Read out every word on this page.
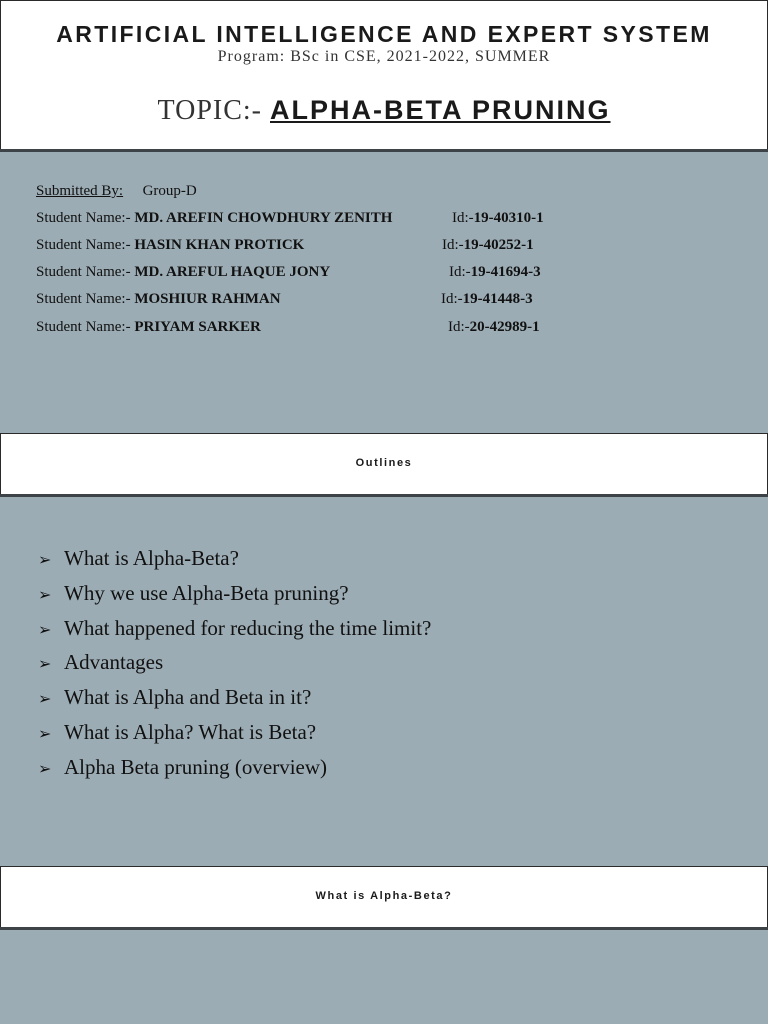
ARTIFICIAL INTELLIGENCE AND EXPERT SYSTEM
Program: BSc in CSE, 2021-2022, SUMMER
TOPIC:- ALPHA-BETA PRUNING
Submitted By: Group-D
Student Name:- MD. AREFIN CHOWDHURY ZENITH	Id:-19-40310-1
Student Name:- HASIN KHAN PROTICK	Id:-19-40252-1
Student Name:- MD. AREFUL HAQUE JONY	Id:-19-41694-3
Student Name:- MOSHIUR RAHMAN	Id:-19-41448-3
Student Name:- PRIYAM SARKER	Id:-20-42989-1
Outlines
➢ What is Alpha-Beta?
➢ Why we use Alpha-Beta pruning?
➢ What happened for reducing the time limit?
➢ Advantages
➢ What is Alpha and Beta in it?
➢ What is Alpha? What is Beta?
➢ Alpha Beta pruning (overview)
What is Alpha-Beta?
